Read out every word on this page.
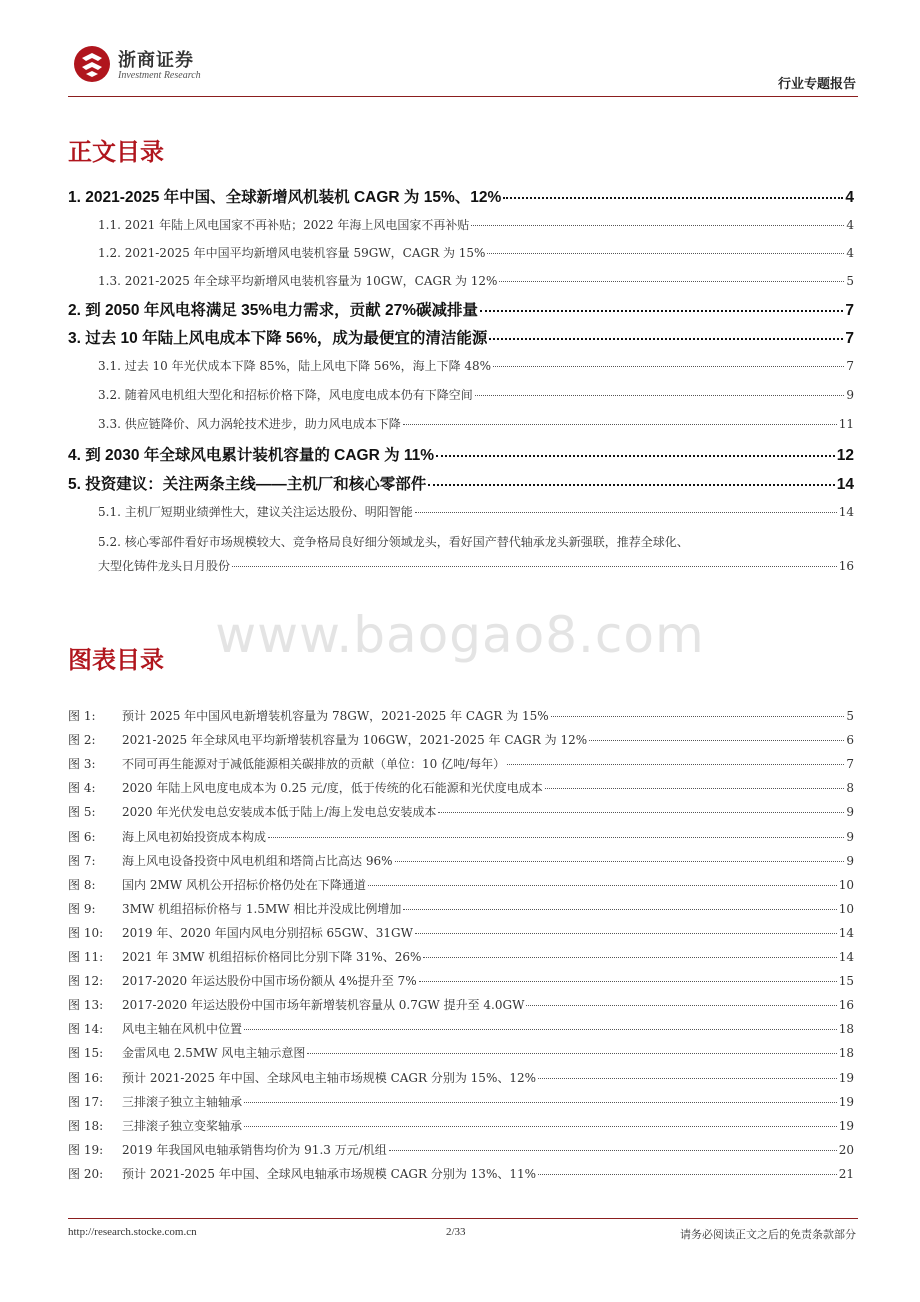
浙商证券
Investment Research
行业专题报告
正文目录
1. 2021-2025 年中国、全球新增风机装机 CAGR 为 15%、12%	4
1.1. 2021 年陆上风电国家不再补贴；2022 年海上风电国家不再补贴	4
1.2. 2021-2025 年中国平均新增风电装机容量 59GW，CAGR 为 15%	4
1.3. 2021-2025 年全球平均新增风电装机容量为 10GW，CAGR 为 12%	5
2. 到 2050 年风电将满足 35%电力需求，贡献 27%碳减排量	7
3. 过去 10 年陆上风电成本下降 56%，成为最便宜的清洁能源	7
3.1. 过去 10 年光伏成本下降 85%，陆上风电下降 56%，海上下降 48%	7
3.2. 随着风电机组大型化和招标价格下降，风电度电成本仍有下降空间	9
3.3. 供应链降价、风力涡轮技术进步，助力风电成本下降	11
4. 到 2030 年全球风电累计装机容量的 CAGR 为 11%	12
5. 投资建议：关注两条主线——主机厂和核心零部件	14
5.1. 主机厂短期业绩弹性大，建议关注运达股份、明阳智能	14
5.2. 核心零部件看好市场规模较大、竞争格局良好细分领域龙头，看好国产替代轴承龙头新强联，推荐全球化、
大型化铸件龙头日月股份	16
www.baogao8.com
图表目录
图 1:	预计 2025 年中国风电新增装机容量为 78GW，2021-2025 年 CAGR 为 15%	5
图 2:	2021-2025 年全球风电平均新增装机容量为 106GW，2021-2025 年 CAGR 为 12%	6
图 3:	不同可再生能源对于减低能源相关碳排放的贡献（单位：10 亿吨/每年）	7
图 4:	2020 年陆上风电度电成本为 0.25 元/度，低于传统的化石能源和光伏度电成本	8
图 5:	2020 年光伏发电总安装成本低于陆上/海上发电总安装成本	9
图 6:	海上风电初始投资成本构成	9
图 7:	海上风电设备投资中风电机组和塔筒占比高达 96%	9
图 8:	国内 2MW 风机公开招标价格仍处在下降通道	10
图 9:	3MW 机组招标价格与 1.5MW 相比并没成比例增加	10
图 10:	2019 年、2020 年国内风电分别招标 65GW、31GW	14
图 11:	2021 年 3MW 机组招标价格同比分别下降 31%、26%	14
图 12:	2017-2020 年运达股份中国市场份额从 4%提升至 7%	15
图 13:	2017-2020 年运达股份中国市场年新增装机容量从 0.7GW 提升至 4.0GW	16
图 14:	风电主轴在风机中位置	18
图 15:	金雷风电 2.5MW 风电主轴示意图	18
图 16:	预计 2021-2025 年中国、全球风电主轴市场规模 CAGR 分别为 15%、12%	19
图 17:	三排滚子独立主轴轴承	19
图 18:	三排滚子独立变桨轴承	19
图 19:	2019 年我国风电轴承销售均价为 91.3 万元/机组	20
图 20:	预计 2021-2025 年中国、全球风电轴承市场规模 CAGR 分别为 13%、11%	21
http://research.stocke.com.cn	2/33	请务必阅读正文之后的免责条款部分
